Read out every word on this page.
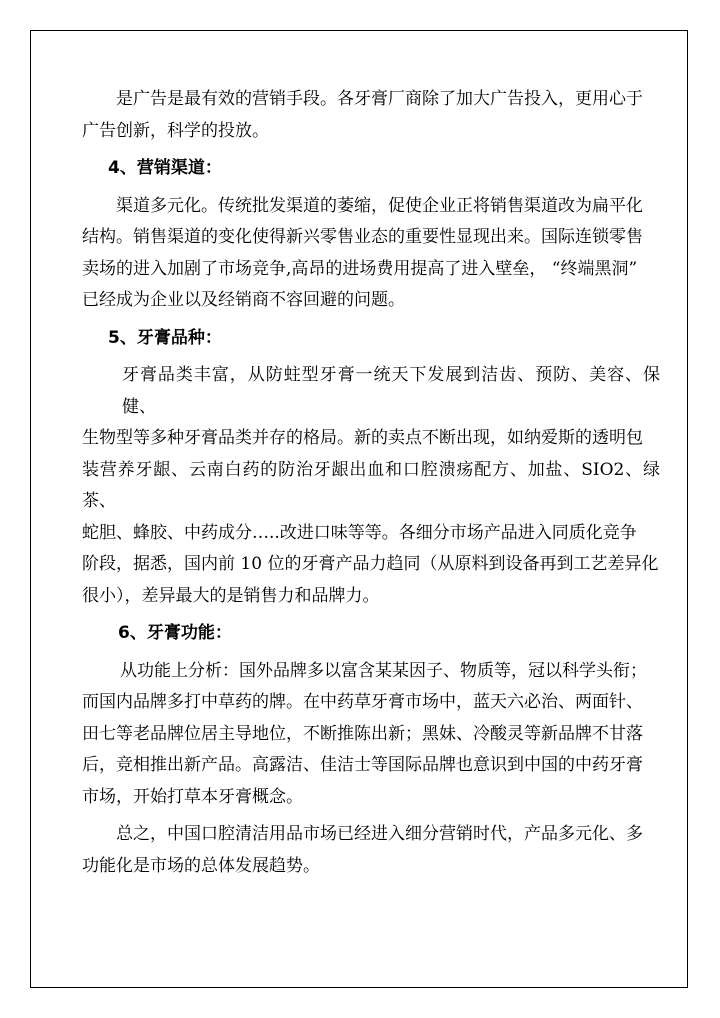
是广告是最有效的营销手段。各牙膏厂商除了加大广告投入，更用心于
广告创新，科学的投放。
4、营销渠道：
渠道多元化。传统批发渠道的萎缩，促使企业正将销售渠道改为扁平化
结构。销售渠道的变化使得新兴零售业态的重要性显现出来。国际连锁零售
卖场的进入加剧了市场竞争,高昂的进场费用提高了进入壁垒， “终端黑洞”
已经成为企业以及经销商不容回避的问题。
5、牙膏品种：
牙膏品类丰富，从防蛀型牙膏一统天下发展到洁齿、预防、美容、保健、
生物型等多种牙膏品类并存的格局。新的卖点不断出现，如纳爱斯的透明包
装营养牙龈、云南白药的防治牙龈出血和口腔溃疡配方、加盐、SIO2、绿茶、
蛇胆、蜂胶、中药成分…..改进口味等等。各细分市场产品进入同质化竞争
阶段，据悉，国内前 10 位的牙膏产品力趋同（从原料到设备再到工艺差异化
很小），差异最大的是销售力和品牌力。
6、牙膏功能：
从功能上分析：国外品牌多以富含某某因子、物质等，冠以科学头衔；
而国内品牌多打中草药的牌。在中药草牙膏市场中，蓝天六必治、两面针、
田七等老品牌位居主导地位，不断推陈出新；黑妹、冷酸灵等新品牌不甘落
后，竞相推出新产品。高露洁、佳洁士等国际品牌也意识到中国的中药牙膏
市场，开始打草本牙膏概念。
总之，中国口腔清洁用品市场已经进入细分营销时代，产品多元化、多
功能化是市场的总体发展趋势。
